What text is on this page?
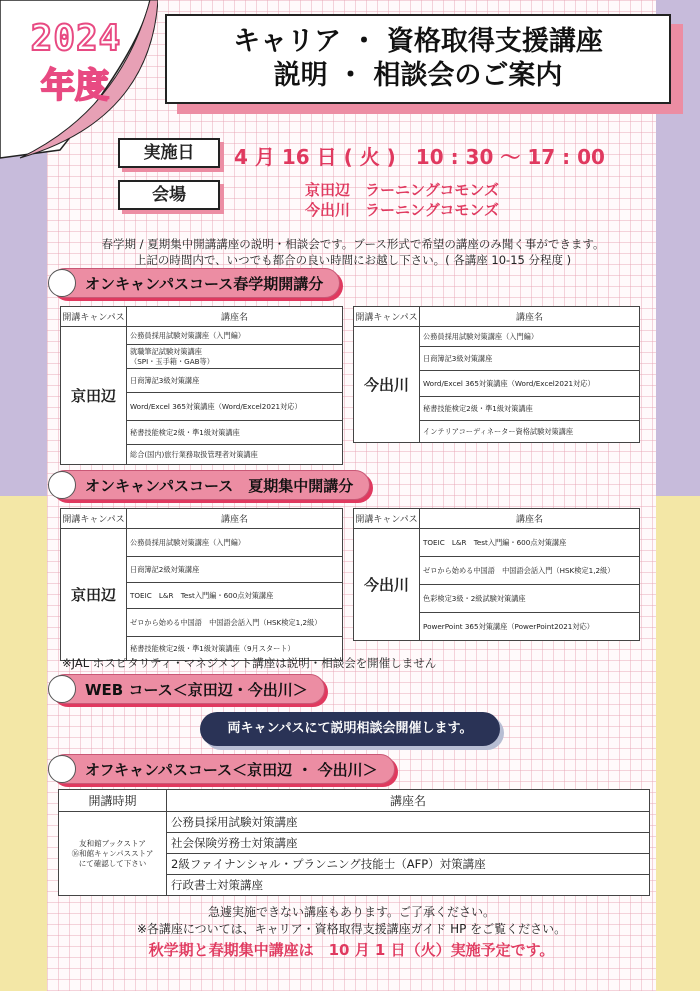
2024
年度
キャリア ・ 資格取得支援講座
説明 ・ 相談会のご案内
実施日	4 月 16 日 ( 火 )　10 : 30 ～ 17 : 00
会場	京田辺　ラーニングコモンズ
今出川　ラーニングコモンズ
春学期 / 夏期集中開講講座の説明・相談会です。ブース形式で希望の講座のみ聞く事ができます。
上記の時間内で、いつでも都合の良い時間にお越し下さい。( 各講座 10-15 分程度 )
オンキャンパスコース春学期開講分
開講キャンパス	講座名
京田辺	公務員採用試験対策講座（入門編）

	就職筆記試験対策講座
（SPI・玉手箱・GAB等）

	日商簿記3級対策講座
	Word/Excel 365対策講座（Word/Excel2021対応）
	秘書技能検定2級・準1級対策講座
	総合(国内)旅行業務取扱管理者対策講座
開講キャンパス	講座名
今出川	公務員採用試験対策講座（入門編）
	日商簿記3級対策講座
	Word/Excel 365対策講座（Word/Excel2021対応）
	秘書技能検定2級・準1級対策講座
	インテリアコーディネーター資格試験対策講座
オンキャンパスコース　夏期集中開講分
開講キャンパス	講座名
京田辺	公務員採用試験対策講座（入門編）
	日商簿記2級対策講座
	TOEIC　L&R　Test入門編・600点対策講座
	ゼロから始める中国語　中国語会話入門（HSK検定1,2級）
	秘書技能検定2級・準1級対策講座（9月スタート）
開講キャンパス	講座名
今出川	TOEIC　L&R　Test入門編・600点対策講座
	ゼロから始める中国語　中国語会話入門（HSK検定1,2級）
	色彩検定3級・2級試験対策講座
	PowerPoint 365対策講座（PowerPoint2021対応）
※JAL ホスピタリティ・マネジメント講座は説明・相談会を開催しません
WEB コース＜京田辺・今出川＞
両キャンパスにて説明相談会開催します。
オフキャンパスコース＜京田辺 ・ 今出川＞
開講時期	講座名

友和館ブックストア
⑯和館キャンパスストア
にて確認して下さい	公務員採用試験対策講座
	社会保険労務士対策講座
	2級ファイナンシャル・プランニング技能士（AFP）対策講座
	行政書士対策講座
急遽実施できない講座もあります。ご了承ください。
※各講座については、キャリア・資格取得支援講座ガイド HP をご覧ください。
秋学期と春期集中講座は　10 月 1 日（火）実施予定です。
